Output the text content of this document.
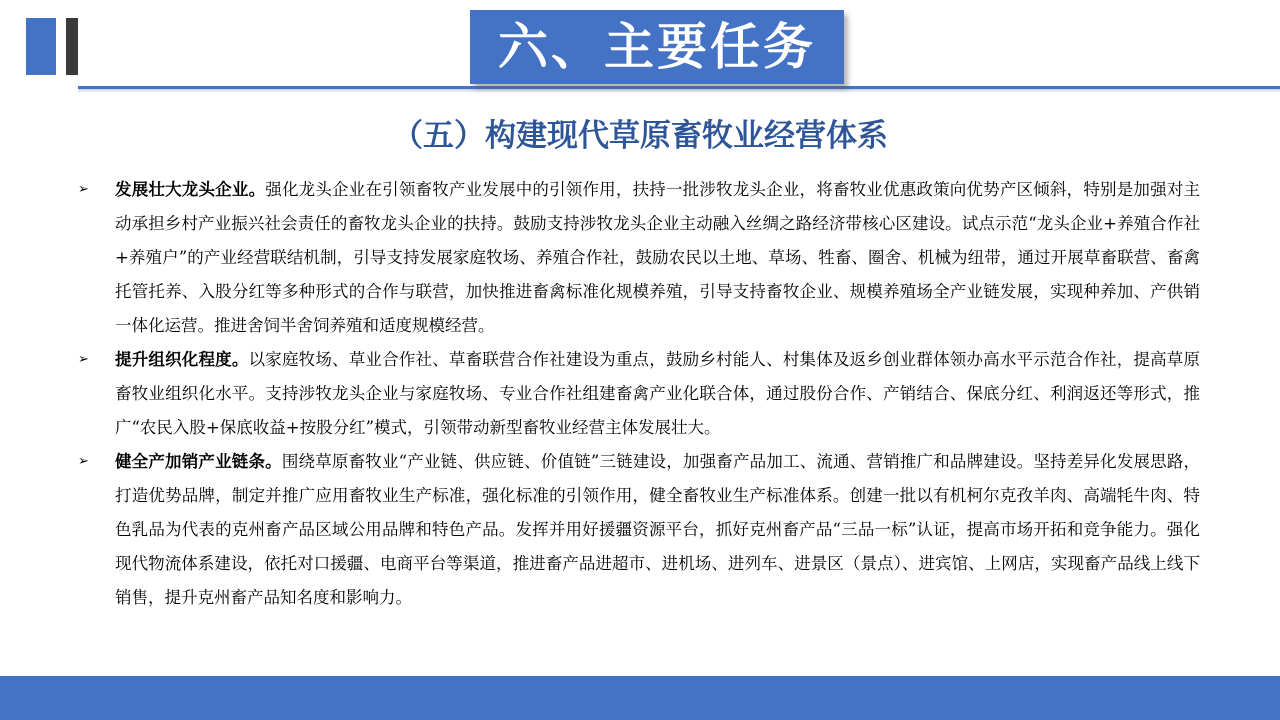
六、主要任务
（五）构建现代草原畜牧业经营体系
➢ 发展壮大龙头企业。强化龙头企业在引领畜牧产业发展中的引领作用，扶持一批涉牧龙头企业，将畜牧业优惠政策向优势产区倾斜，特别是加强对主动承担乡村产业振兴社会责任的畜牧龙头企业的扶持。鼓励支持涉牧龙头企业主动融入丝绸之路经济带核心区建设。试点示范“龙头企业+养殖合作社+养殖户”的产业经营联结机制，引导支持发展家庭牧场、养殖合作社，鼓励农民以土地、草场、牲畜、圈舍、机械为纽带，通过开展草畜联营、畜禽托管托养、入股分红等多种形式的合作与联营，加快推进畜禽标准化规模养殖，引导支持畜牧企业、规模养殖场全产业链发展，实现种养加、产供销一体化运营。推进舍饲半舍饲养殖和适度规模经营。
➢ 提升组织化程度。以家庭牧场、草业合作社、草畜联营合作社建设为重点，鼓励乡村能人、村集体及返乡创业群体领办高水平示范合作社，提高草原畜牧业组织化水平。支持涉牧龙头企业与家庭牧场、专业合作社组建畜禽产业化联合体，通过股份合作、产销结合、保底分红、利润返还等形式，推广“农民入股+保底收益+按股分红”模式，引领带动新型畜牧业经营主体发展壮大。
➢ 健全产加销产业链条。围绕草原畜牧业“产业链、供应链、价值链”三链建设，加强畜产品加工、流通、营销推广和品牌建设。坚持差异化发展思路，打造优势品牌，制定并推广应用畜牧业生产标准，强化标准的引领作用，健全畜牧业生产标准体系。创建一批以有机柯尔克孜羊肉、高端牦牛肉、特色乳品为代表的克州畜产品区域公用品牌和特色产品。发挥并用好援疆资源平台，抓好克州畜产品“三品一标”认证，提高市场开拓和竞争能力。强化现代物流体系建设，依托对口援疆、电商平台等渠道，推进畜产品进超市、进机场、进列车、进景区（景点）、进宾馆、上网店，实现畜产品线上线下销售，提升克州畜产品知名度和影响力。
